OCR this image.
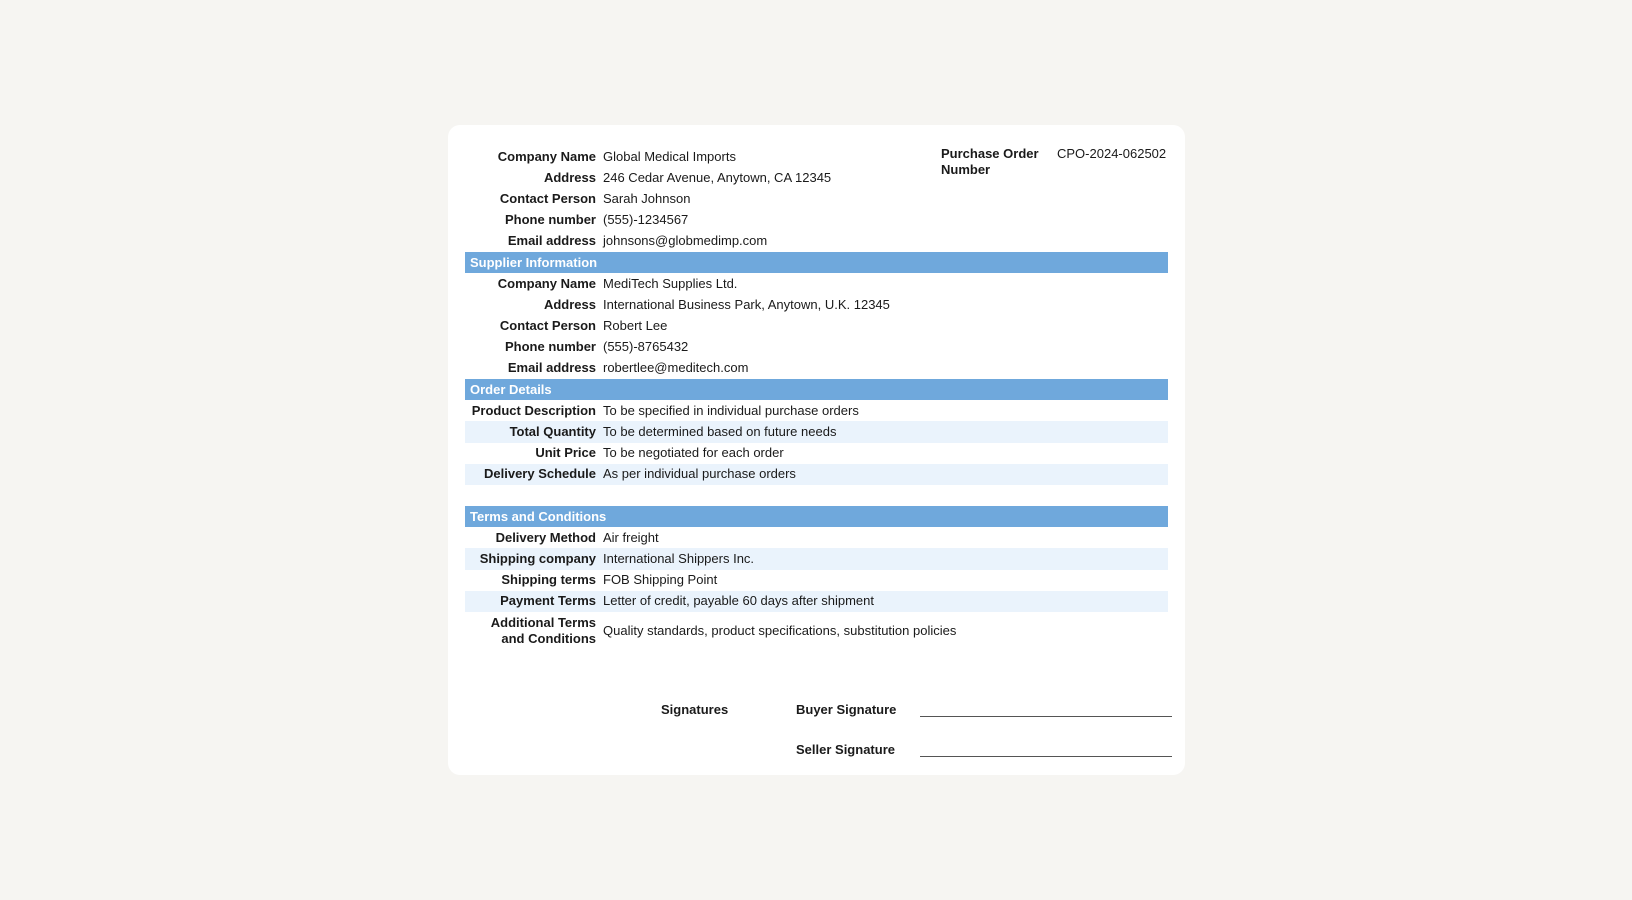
Purchase Order Number
CPO-2024-062502
Company Name Global Medical Imports
Address 246 Cedar Avenue, Anytown, CA 12345
Contact Person Sarah Johnson
Phone number (555)-1234567
Email address johnsons@globmedimp.com
Supplier Information
Company Name MediTech Supplies Ltd.
Address International Business Park, Anytown, U.K. 12345
Contact Person Robert Lee
Phone number (555)-8765432
Email address robertlee@meditech.com
Order Details
Product Description To be specified in individual purchase orders
Total Quantity To be determined based on future needs
Unit Price To be negotiated for each order
Delivery Schedule As per individual purchase orders
Terms and Conditions
Delivery Method Air freight
Shipping company International Shippers Inc.
Shipping terms FOB Shipping Point
Payment Terms Letter of credit, payable 60 days after shipment
Additional Terms and Conditions
Quality standards, product specifications, substitution policies
Signatures	Buyer Signature
Seller Signature
